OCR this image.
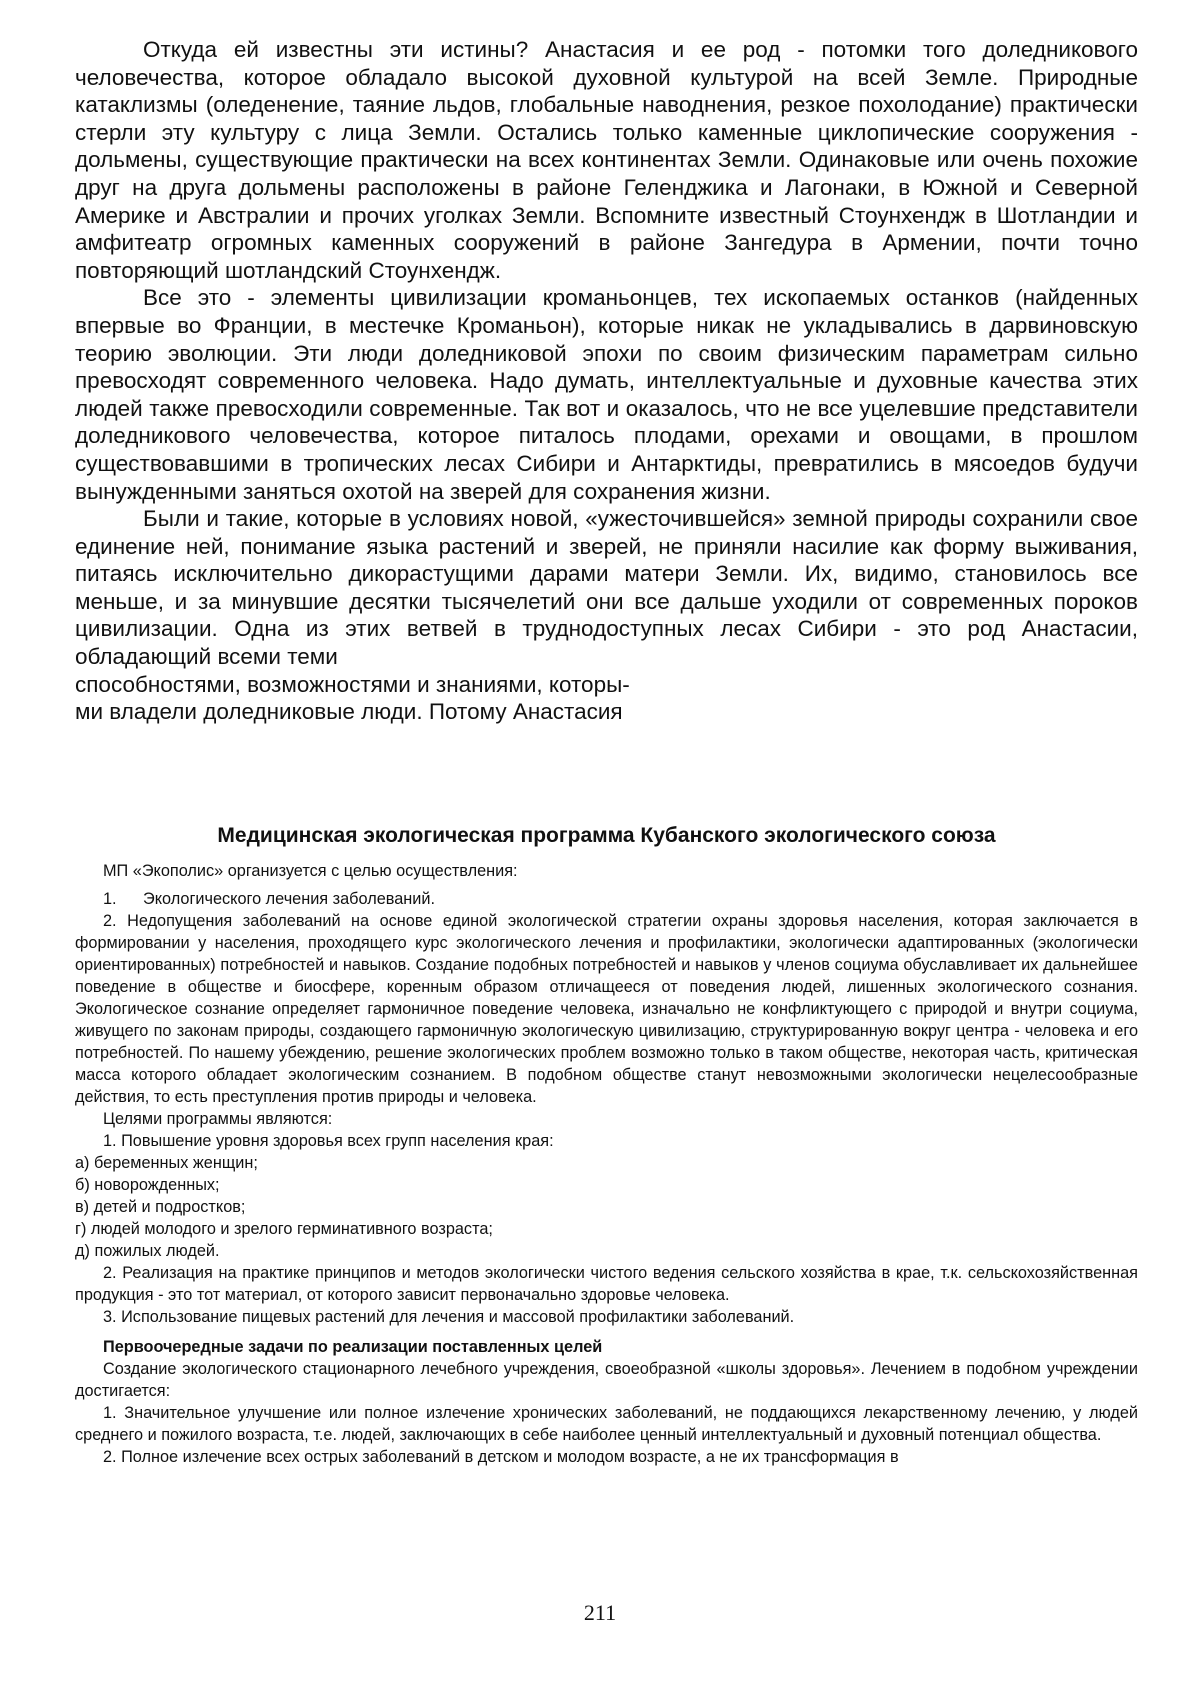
Откуда ей известны эти истины? Анастасия и ее род - потомки того доледникового человечества, которое обладало высокой духовной культурой на всей Земле. Природные катаклизмы (оледенение, таяние льдов, глобальные наводнения, резкое похолодание) практически стерли эту культуру с лица Земли. Остались только каменные циклопические сооружения - дольмены, существующие практически на всех континентах Земли. Одинаковые или очень похожие друг на друга дольмены расположены в районе Геленджика и Лагонаки, в Южной и Северной Америке и Австралии и прочих уголках Земли. Вспомните известный Стоунхендж в Шотландии и амфитеатр огромных каменных сооружений в районе Зангедура в Армении, почти точно повторяющий шотландский Стоунхендж.

Все это - элементы цивилизации кроманьонцев, тех ископаемых останков (найденных впервые во Франции, в местечке Кроманьон), которые никак не укладывались в дарвиновскую теорию эволюции. Эти люди доледниковой эпохи по своим физическим параметрам сильно превосходят современного человека. Надо думать, интеллектуальные и духовные качества этих людей также превосходили современные. Так вот и оказалось, что не все уцелевшие представители доледникового человечества, которое питалось плодами, орехами и овощами, в прошлом существовавшими в тропических лесах Сибири и Антарктиды, превратились в мясоедов будучи вынужденными заняться охотой на зверей для сохранения жизни.

Были и такие, которые в условиях новой, «ужесточившейся» земной природы сохранили свое единение ней, понимание языка растений и зверей, не приняли насилие как форму выживания, питаясь исключительно дикорастущими дарами матери Земли. Их, видимо, становилось все меньше, и за минувшие десятки тысячелетий они все дальше уходили от современных пороков цивилизации. Одна из этих ветвей в труднодоступных лесах Сибири - это род Анастасии, обладающий всеми теми

способностями, возможностями и знаниями, которы-

ми владели доледниковые люди. Потому Анастасия

Медицинская экологическая программа Кубанского экологического союза

МП «Экополис» организуется с целью осуществления:

1. Экологического лечения заболеваний.

2. Недопущения заболеваний на основе единой экологической стратегии охраны здоровья населения, которая заключается в формировании у населения, проходящего курс экологического лечения и профилактики, экологически адаптированных (экологически ориентированных) потребностей и навыков. Создание подобных потребностей и навыков у членов социума обуславливает их дальнейшее поведение в обществе и биосфере, коренным образом отличащееся от поведения людей, лишенных экологического сознания. Экологическое сознание определяет гармоничное поведение человека, изначально не конфликтующего с природой и внутри социума, живущего по законам природы, создающего гармоничную экологическую цивилизацию, структурированную вокруг центра - человека и его потребностей. По нашему убеждению, решение экологических проблем возможно только в таком обществе, некоторая часть, критическая масса которого обладает экологическим сознанием. В подобном обществе станут невозможными экологически нецелесообразные действия, то есть преступления против природы и человека.

Целями программы являются:

1. Повышение уровня здоровья всех групп населения края:

а) беременных женщин;

б) новорожденных;

в) детей и подростков;

г) людей молодого и зрелого герминативного возраста;

д) пожилых людей.

2. Реализация на практике принципов и методов экологически чистого ведения сельского хозяйства в крае, т.к. сельскохозяйственная продукция - это тот материал, от которого зависит первоначально здоровье человека.

3. Использование пищевых растений для лечения и массовой профилактики заболеваний.

Первоочередные задачи по реализации поставленных целей

Создание экологического стационарного лечебного учреждения, своеобразной «школы здоровья». Лечением в подобном учреждении достигается:

1. Значительное улучшение или полное излечение хронических заболеваний, не поддающихся лекарственному лечению, у людей среднего и пожилого возраста, т.е. людей, заключающих в себе наиболее ценный интеллектуальный и духовный потенциал общества.

2. Полное излечение всех острых заболеваний в детском и молодом возрасте, а не их трансформация в

211
